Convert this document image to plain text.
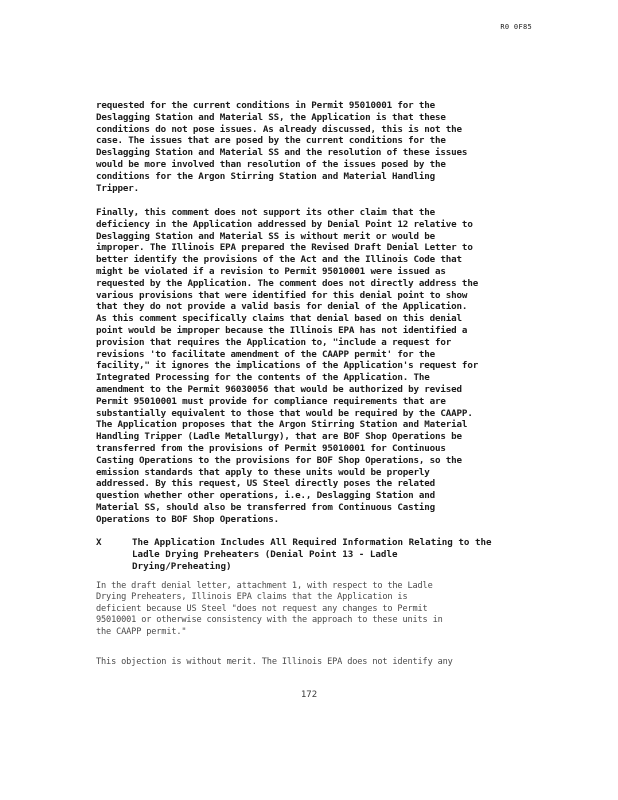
R0 0F85
requested for the current conditions in Permit 95010001 for the
Deslagging Station and Material SS, the Application is that these
conditions do not pose issues. As already discussed, this is not the
case. The issues that are posed by the current conditions for the
Deslagging Station and Material SS and the resolution of these issues
would be more involved than resolution of the issues posed by the
conditions for the Argon Stirring Station and Material Handling
Tripper.
Finally, this comment does not support its other claim that the
deficiency in the Application addressed by Denial Point 12 relative to
Deslagging Station and Material SS is without merit or would be
improper. The Illinois EPA prepared the Revised Draft Denial Letter to
better identify the provisions of the Act and the Illinois Code that
might be violated if a revision to Permit 95010001 were issued as
requested by the Application. The comment does not directly address the
various provisions that were identified for this denial point to show
that they do not provide a valid basis for denial of the Application.
As this comment specifically claims that denial based on this denial
point would be improper because the Illinois EPA has not identified a
provision that requires the Application to, "include a request for
revisions 'to facilitate amendment of the CAAPP permit' for the
facility," it ignores the implications of the Application's request for
Integrated Processing for the contents of the Application. The
amendment to the Permit 96030056 that would be authorized by revised
Permit 95010001 must provide for compliance requirements that are
substantially equivalent to those that would be required by the CAAPP.
The Application proposes that the Argon Stirring Station and Material
Handling Tripper (Ladle Metallurgy), that are BOF Shop Operations be
transferred from the provisions of Permit 95010001 for Continuous
Casting Operations to the provisions for BOF Shop Operations, so the
emission standards that apply to these units would be properly
addressed. By this request, US Steel directly poses the related
question whether other operations, i.e., Deslagging Station and
Material SS, should also be transferred from Continuous Casting
Operations to BOF Shop Operations.
X	The Application Includes All Required Information Relating to the
Ladle Drying Preheaters (Denial Point 13 - Ladle
Drying/Preheating)
In the draft denial letter, attachment 1, with respect to the Ladle
Drying Preheaters, Illinois EPA claims that the Application is
deficient because US Steel "does not request any changes to Permit
95010001 or otherwise consistency with the approach to these units in
the CAAPP permit."
This objection is without merit. The Illinois EPA does not identify any
172
